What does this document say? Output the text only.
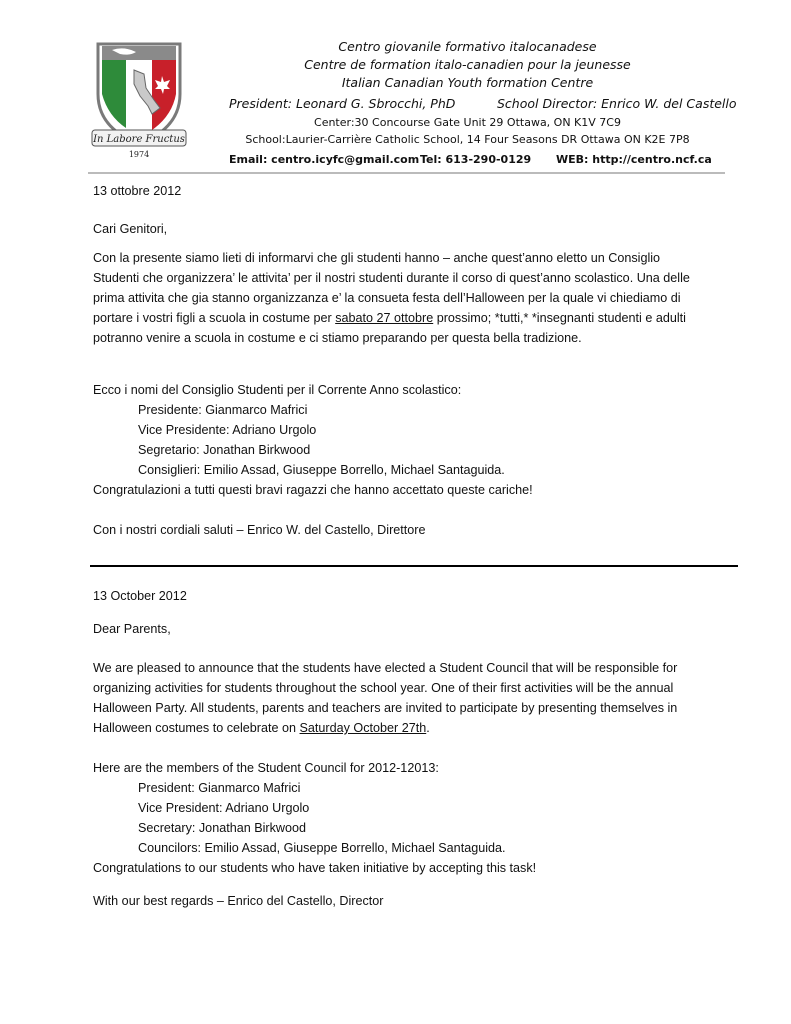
In Labore Fructus
1974
Centro giovanile formativo italocanadese
Centre de formation italo-canadien pour la jeunesse
Italian Canadian Youth formation Centre
President: Leonard G. Sbrocchi, PhD	School Director: Enrico W. del Castello
Center:30 Concourse Gate Unit 29 Ottawa, ON K1V 7C9
School:Laurier-Carrière Catholic School, 14 Four Seasons DR Ottawa ON K2E 7P8
Email: centro.icyfc@gmail.com Tel: 613-290-0129 WEB: http://centro.ncf.ca

13 ottobre 2012

Cari Genitori,

Con la presente siamo lieti di informarvi che gli studenti hanno – anche quest’anno eletto un Consiglio Studenti che organizzera’ le attivita’ per il nostri studenti durante il corso di quest’anno scolastico. Una delle prima attivita che gia stanno organizzanza e’ la consueta festa dell’Halloween per la quale vi chiediamo di portare i vostri figli a scuola in costume per sabato 27 ottobre prossimo; *tutti,* *insegnanti studenti e adulti potranno venire a scuola in costume e ci stiamo preparando per questa bella tradizione.

Ecco i nomi del Consiglio Studenti per il Corrente Anno scolastico:

Presidente: Gianmarco Mafrici

Vice Presidente: Adriano Urgolo

Segretario: Jonathan Birkwood

Consiglieri: Emilio Assad, Giuseppe Borrello, Michael Santaguida.

Congratulazioni a tutti questi bravi ragazzi che hanno accettato queste cariche!

Con i nostri cordiali saluti – Enrico W. del Castello, Direttore

13 October 2012

Dear Parents,

We are pleased to announce that the students have elected a Student Council that will be responsible for organizing activities for students throughout the school year. One of their first activities will be the annual Halloween Party. All students, parents and teachers are invited to participate by presenting themselves in Halloween costumes to celebrate on Saturday October 27th.

Here are the members of the Student Council for 2012-12013:

President: Gianmarco Mafrici

Vice President: Adriano Urgolo

Secretary: Jonathan Birkwood

Councilors: Emilio Assad, Giuseppe Borrello, Michael Santaguida.

Congratulations to our students who have taken initiative by accepting this task!

With our best regards – Enrico del Castello, Director
